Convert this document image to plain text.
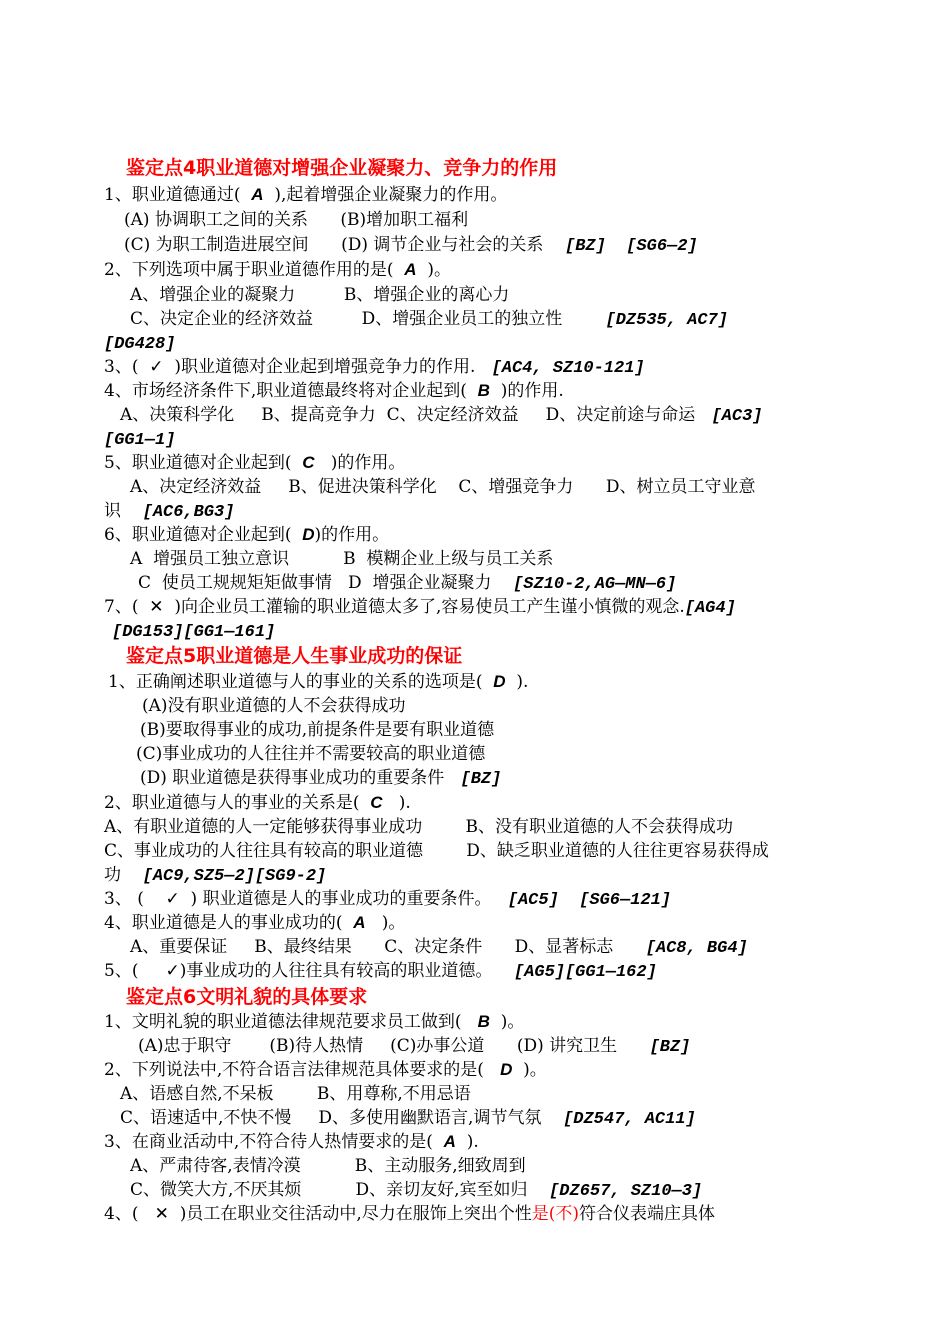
鉴定点4职业道德对增强企业凝聚力、竞争力的作用
1、职业道德通过(  A  ),起着增强企业凝聚力的作用。
(A) 协调职工之间的关系      (B)增加职工福利
(C) 为职工制造进展空间      (D) 调节企业与社会的关系    [BZ]  [SG6—2]
2、下列选项中属于职业道德作用的是(  A  )。
A、增强企业的凝聚力         B、增强企业的离心力
C、决定企业的经济效益         D、增强企业员工的独立性        [DZ535, AC7]
[DG428]
3、(  ✓  )职业道德对企业起到增强竞争力的作用.   [AC4, SZ10-121]
4、市场经济条件下,职业道德最终将对企业起到(  B  )的作用.
A、决策科学化     B、提高竞争力  C、决定经济效益     D、决定前途与命运   [AC3]
[GG1—1]
5、职业道德对企业起到(  C   )的作用。
A、决定经济效益     B、促进决策科学化    C、增强竞争力      D、树立员工守业意
识    [AC6,BG3]
6、职业道德对企业起到(  D)的作用。
A  增强员工独立意识          B  模糊企业上级与员工关系
C  使员工规规矩矩做事情   D  增强企业凝聚力    [SZ10-2,AG—MN—6]
7、(  ✕  )向企业员工灌输的职业道德太多了,容易使员工产生谨小慎微的观念.[AG4]
[DG153][GG1—161]
鉴定点5职业道德是人生事业成功的保证
1、正确阐述职业道德与人的事业的关系的选项是(  D  ).
(A)没有职业道德的人不会获得成功
(B)要取得事业的成功,前提条件是要有职业道德
(C)事业成功的人往往并不需要较高的职业道德
(D) 职业道德是获得事业成功的重要条件   [BZ]
2、职业道德与人的事业的关系是(  C   ).
A、有职业道德的人一定能够获得事业成功        B、没有职业道德的人不会获得成功
C、事业成功的人往往具有较高的职业道德        D、缺乏职业道德的人往往更容易获得成
功    [AC9,SZ5—2][SG9-2]
3、 (    ✓  ) 职业道德是人的事业成功的重要条件。   [AC5]  [SG6—121]
4、职业道德是人的事业成功的(  A   )。
A、重要保证     B、最终结果      C、决定条件      D、显著标志      [AC8, BG4]
5、(     ✓)事业成功的人往往具有较高的职业道德。    [AG5][GG1—162]
鉴定点6文明礼貌的具体要求
1、文明礼貌的职业道德法律规范要求员工做到(   B  )。
(A)忠于职守       (B)待人热情     (C)办事公道      (D) 讲究卫生      [BZ]
2、下列说法中,不符合语言法律规范具体要求的是(   D  )。
A、语感自然,不呆板        B、用尊称,不用忌语
C、语速适中,不快不慢     D、多使用幽默语言,调节气氛    [DZ547, AC11]
3、在商业活动中,不符合待人热情要求的是(  A  ).
A、严肃待客,表情冷漠          B、主动服务,细致周到
C、微笑大方,不厌其烦          D、亲切友好,宾至如归    [DZ657, SZ10—3]
4、(   ✕  )员工在职业交往活动中,尽力在服饰上突出个性是(不)符合仪表端庄具体
